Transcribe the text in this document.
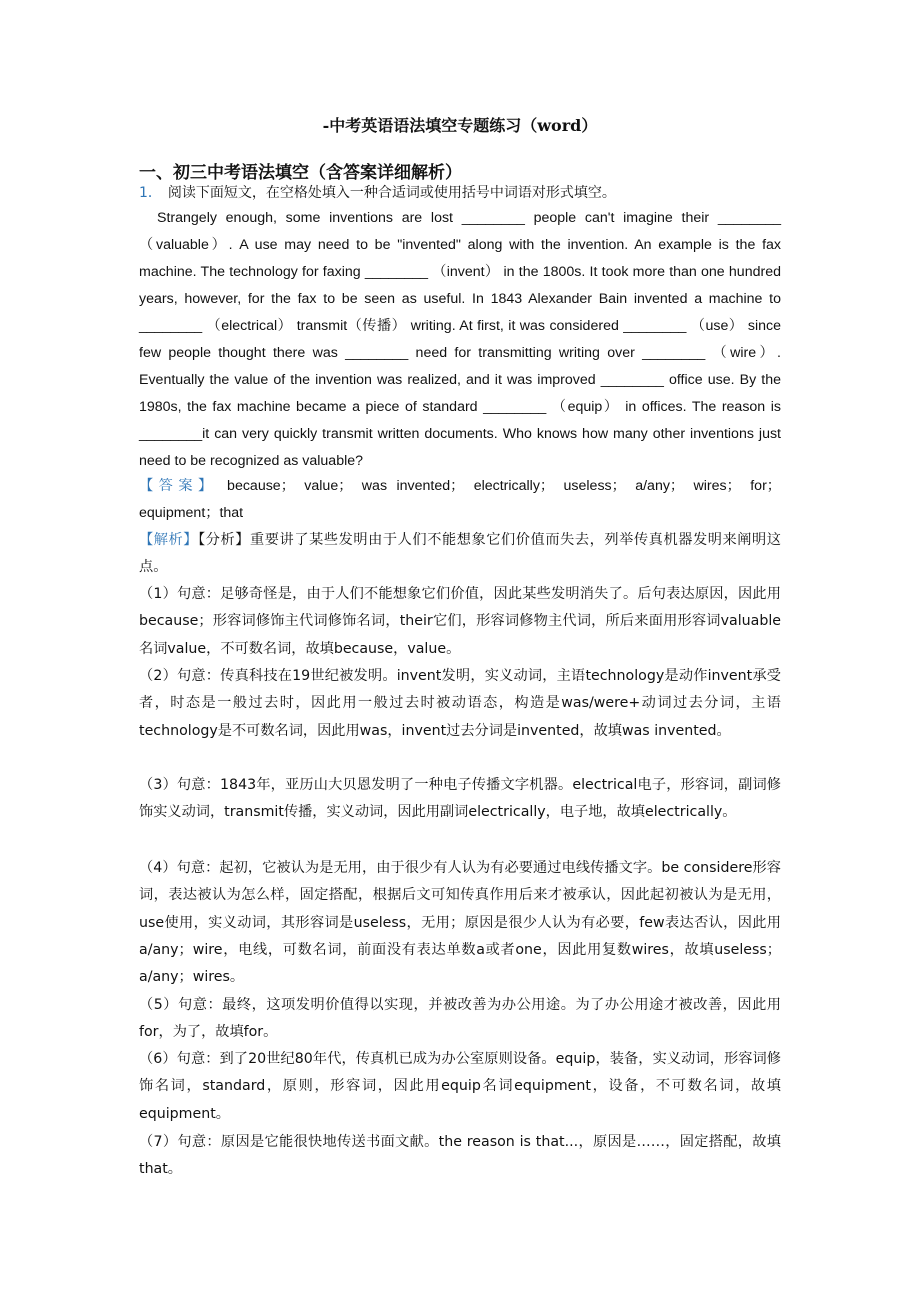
-中考英语语法填空专题练习（word）
一、初三中考语法填空（含答案详细解析）
1． 阅读下面短文，在空格处填入一种合适词或使用括号中词语对形式填空。
Strangely enough, some inventions are lost ________ people can't imagine their ________（valuable）. A use may need to be "invented" along with the invention. An example is the fax machine. The technology for faxing ________ （invent） in the 1800s. It took more than one hundred years, however, for the fax to be seen as useful. In 1843 Alexander Bain invented a machine to ________ （electrical） transmit（传播） writing. At first, it was considered ________ （use） since few people thought there was ________ need for transmitting writing over ________ （wire）. Eventually the value of the invention was realized, and it was improved ________ office use. By the 1980s, the fax machine became a piece of standard ________ （equip） in offices. The reason is ________it can very quickly transmit written documents. Who knows how many other inventions just need to be recognized as valuable?
【答案】 because； value； was invented； electrically； useless； a/any； wires； for； equipment；that
【解析】【分析】重要讲了某些发明由于人们不能想象它们价值而失去，列举传真机器发明来阐明这点。
（1）句意：足够奇怪是，由于人们不能想象它们价值，因此某些发明消失了。后句表达原因，因此用because；形容词修饰主代词修饰名词，their它们，形容词修物主代词，所后来面用形容词valuable 名词value，不可数名词，故填because，value。
（2）句意：传真科技在19世纪被发明。invent发明，实义动词，主语technology是动作invent承受者，时态是一般过去时，因此用一般过去时被动语态，构造是was/were+动词过去分词，主语technology是不可数名词，因此用was，invent过去分词是invented，故填was invented。
（3）句意：1843年，亚历山大贝恩发明了一种电子传播文字机器。electrical电子，形容词，副词修饰实义动词，transmit传播，实义动词，因此用副词electrically，电子地，故填electrically。
（4）句意：起初，它被认为是无用，由于很少有人认为有必要通过电线传播文字。be considere形容词，表达被认为怎么样，固定搭配，根据后文可知传真作用后来才被承认，因此起初被认为是无用，use使用，实义动词，其形容词是useless，无用；原因是很少人认为有必要，few表达否认，因此用a/any；wire，电线，可数名词，前面没有表达单数a或者one，因此用复数wires，故填useless；a/any；wires。
（5）句意：最终，这项发明价值得以实现，并被改善为办公用途。为了办公用途才被改善，因此用for，为了，故填for。
（6）句意：到了20世纪80年代，传真机已成为办公室原则设备。equip，装备，实义动词，形容词修饰名词，standard，原则，形容词，因此用equip名词equipment，设备，不可数名词，故填equipment。
（7）句意：原因是它能很快地传送书面文献。the reason is that...，原因是……，固定搭配，故填that。
